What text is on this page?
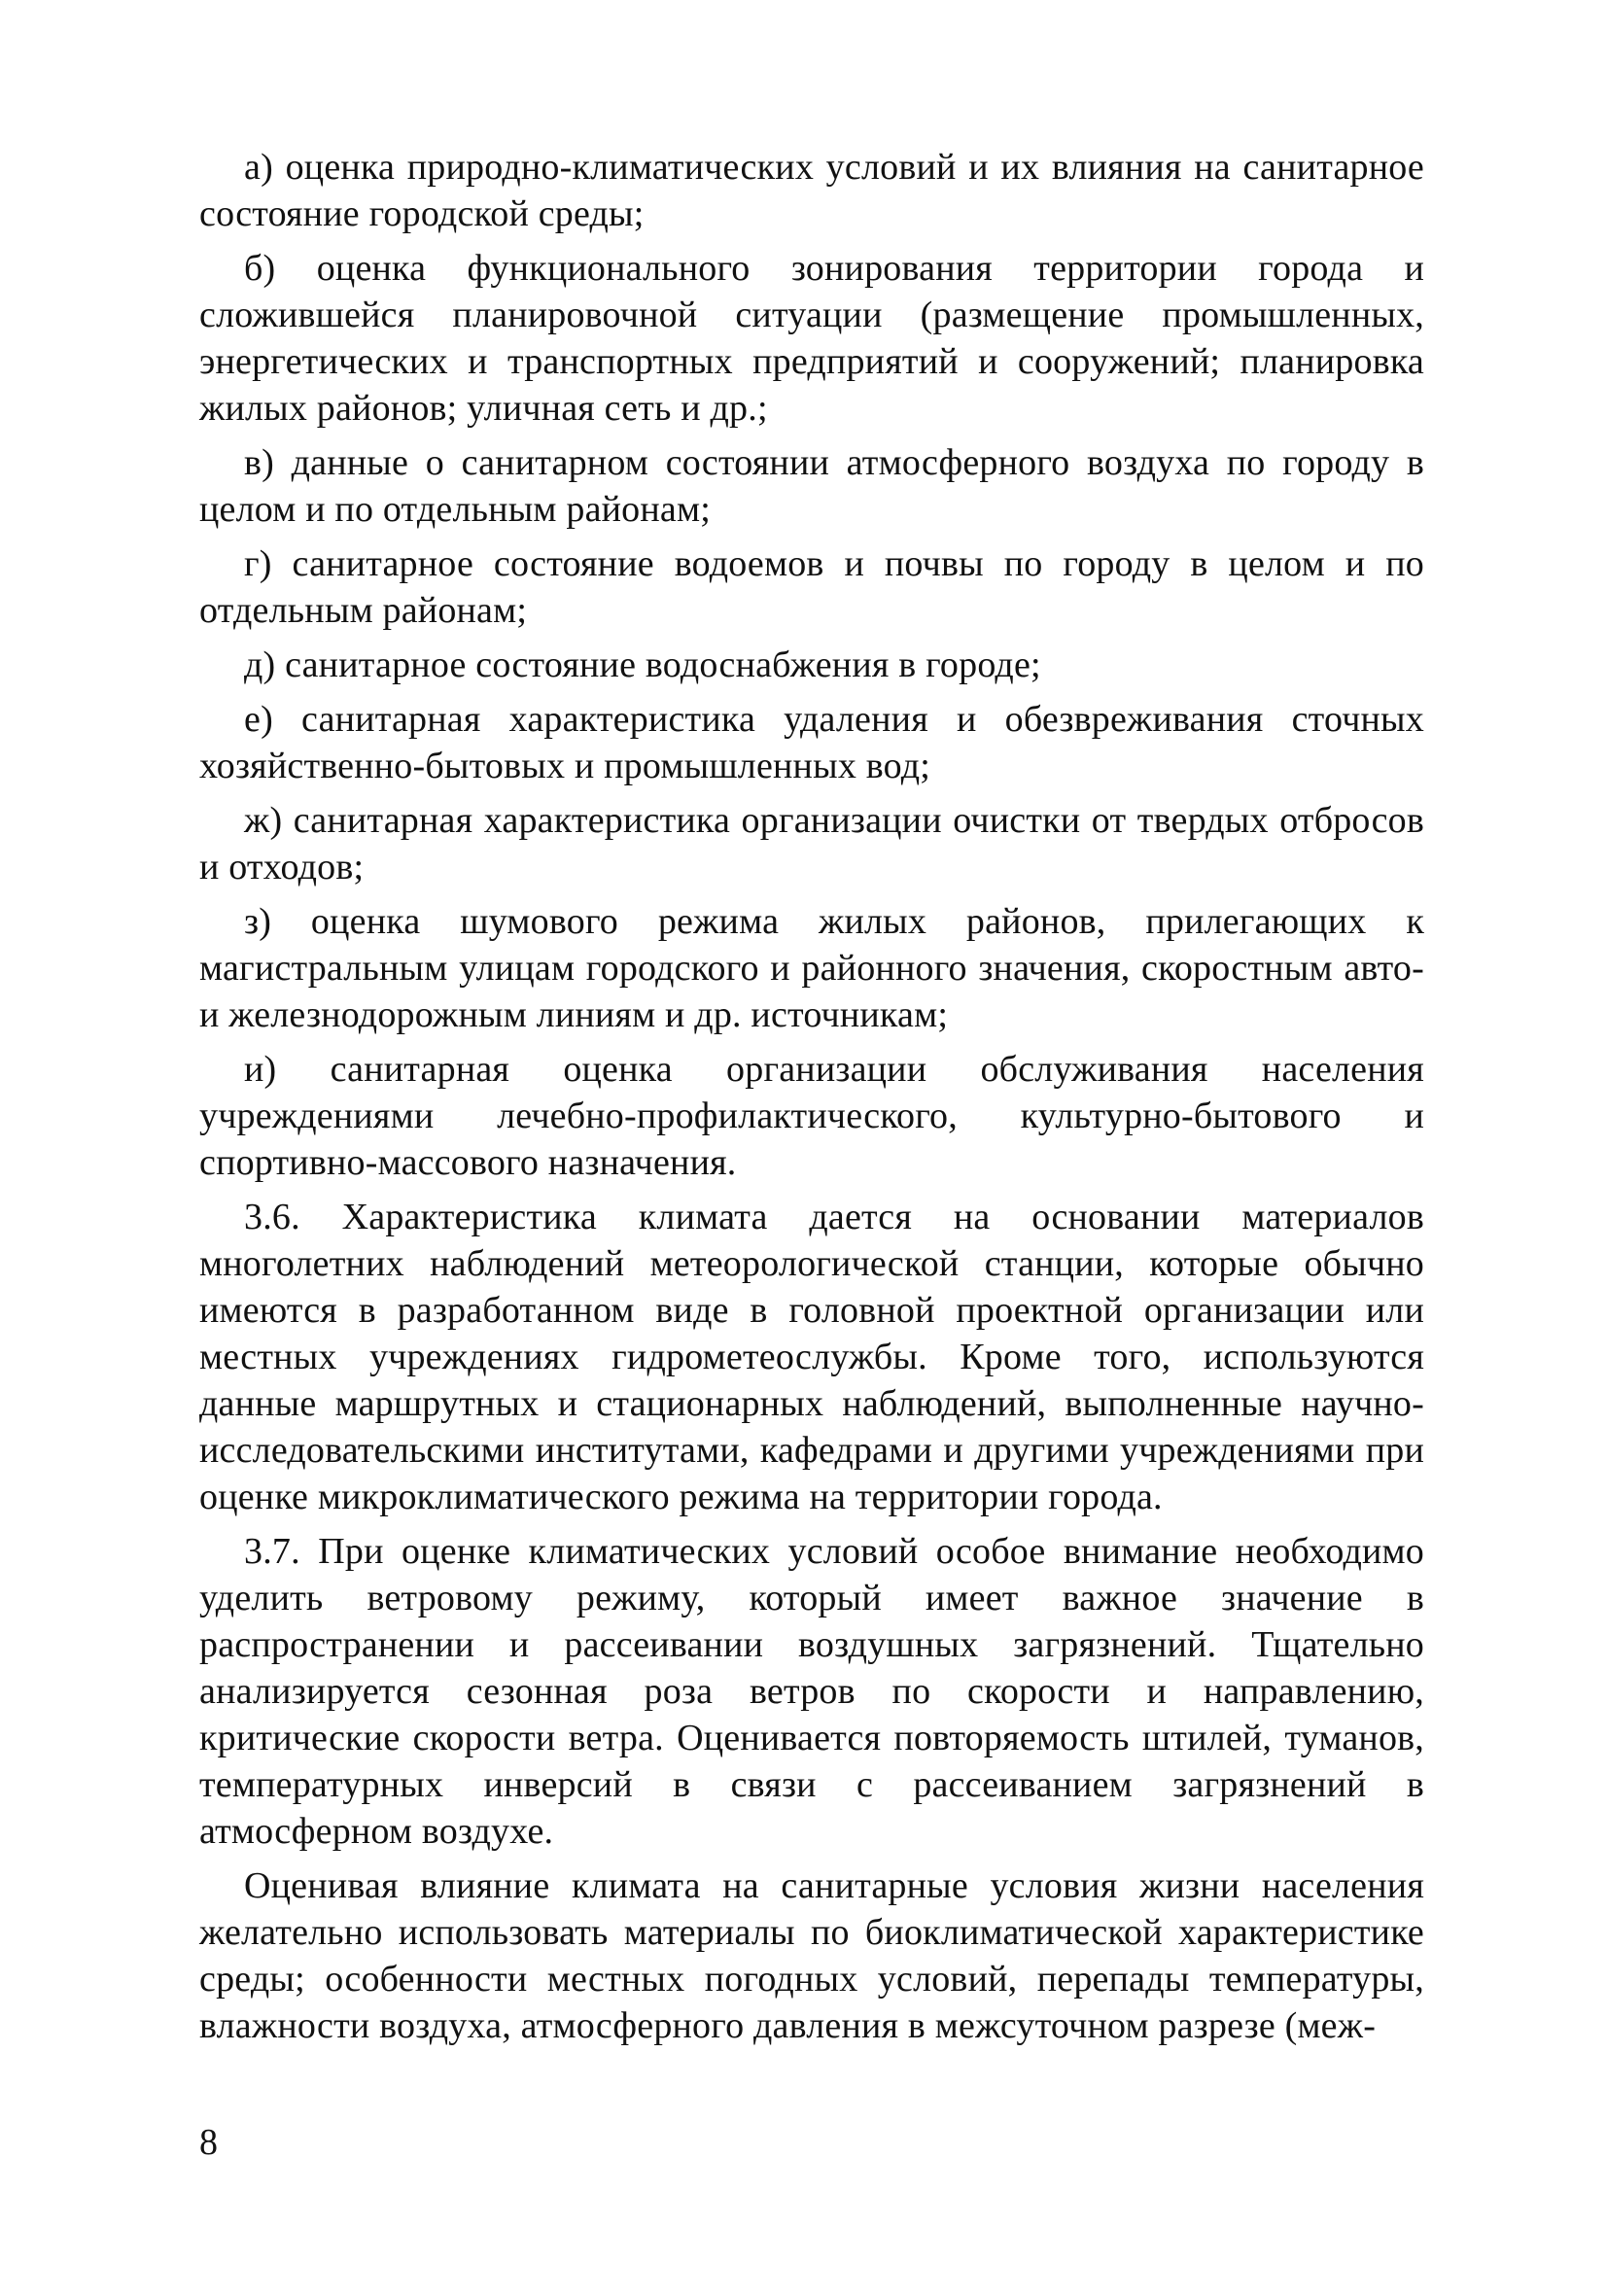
а) оценка природно-климатических условий и их влияния на санитарное состояние городской среды;

б) оценка функционального зонирования территории города и сложившейся планировочной ситуации (размещение промышленных, энергетических и транспортных предприятий и сооружений; планировка жилых районов; уличная сеть и др.;

в) данные о санитарном состоянии атмосферного воздуха по городу в целом и по отдельным районам;

г) санитарное состояние водоемов и почвы по городу в целом и по отдельным районам;

д) санитарное состояние водоснабжения в городе;

е) санитарная характеристика удаления и обезвреживания сточных хозяйственно-бытовых и промышленных вод;

ж) санитарная характеристика организации очистки от твердых отбросов и отходов;

з) оценка шумового режима жилых районов, прилегающих к магистральным улицам городского и районного значения, скоростным авто- и железнодорожным линиям и др. источникам;

и) санитарная оценка организации обслуживания населения учреждениями лечебно-профилактического, культурно-бытового и спортивно-массового назначения.

3.6. Характеристика климата дается на основании материалов многолетних наблюдений метеорологической станции, которые обычно имеются в разработанном виде в головной проектной организации или местных учреждениях гидрометеослужбы. Кроме того, используются данные маршрутных и стационарных наблюдений, выполненные научно-исследовательскими институтами, кафедрами и другими учреждениями при оценке микроклиматического режима на территории города.

3.7. При оценке климатических условий особое внимание необходимо уделить ветровому режиму, который имеет важное значение в распространении и рассеивании воздушных загрязнений. Тщательно анализируется сезонная роза ветров по скорости и направлению, критические скорости ветра. Оценивается повторяемость штилей, туманов, температурных инверсий в связи с рассеиванием загрязнений в атмосферном воздухе.

Оценивая влияние климата на санитарные условия жизни населения желательно использовать материалы по биоклиматической характеристике среды; особенности местных погодных условий, перепады температуры, влажности воздуха, атмосферного давления в межсуточном разрезе (меж-

8
